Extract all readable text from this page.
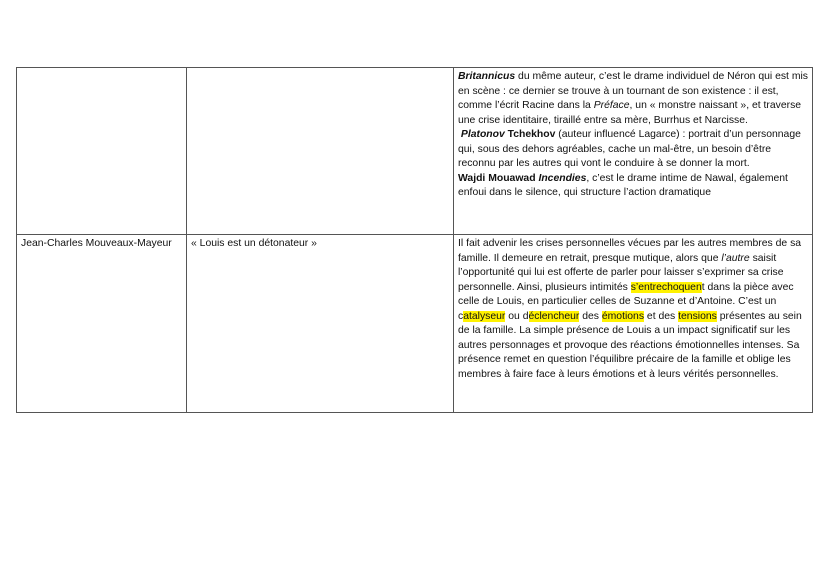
		Britannicus du même auteur, c’est le drame individuel de Néron qui est mis en scène : ce dernier se trouve à un tournant de son existence : il est, comme l’écrit Racine dans la Préface, un « monstre naissant », et traverse une crise identitaire, tiraillé entre sa mère, Burrhus et Narcisse.

Platonov Tchekhov (auteur influencé Lagarce) : portrait d’un personnage qui, sous des dehors agréables, cache un mal-être, un besoin d’être reconnu par les autres qui vont le conduire à se donner la mort.

Wajdi Mouawad Incendies, c’est le drame intime de Nawal, également enfoui dans le silence, qui structure l’action dramatique

Jean-Charles Mouveaux-Mayeur	« Louis est un détonateur »	Il fait advenir les crises personnelles vécues par les autres membres de sa famille. Il demeure en retrait, presque mutique, alors que l’autre saisit l’opportunité qui lui est offerte de parler pour laisser s’exprimer sa crise personnelle. Ainsi, plusieurs intimités s’entrechoquent dans la pièce avec celle de Louis, en particulier celles de Suzanne et d’Antoine. C’est un catalyseur ou déclencheur des émotions et des tensions présentes au sein de la famille. La simple présence de Louis a un impact significatif sur les autres personnages et provoque des réactions émotionnelles intenses. Sa présence remet en question l’équilibre précaire de la famille et oblige les membres à faire face à leurs émotions et à leurs vérités personnelles.
